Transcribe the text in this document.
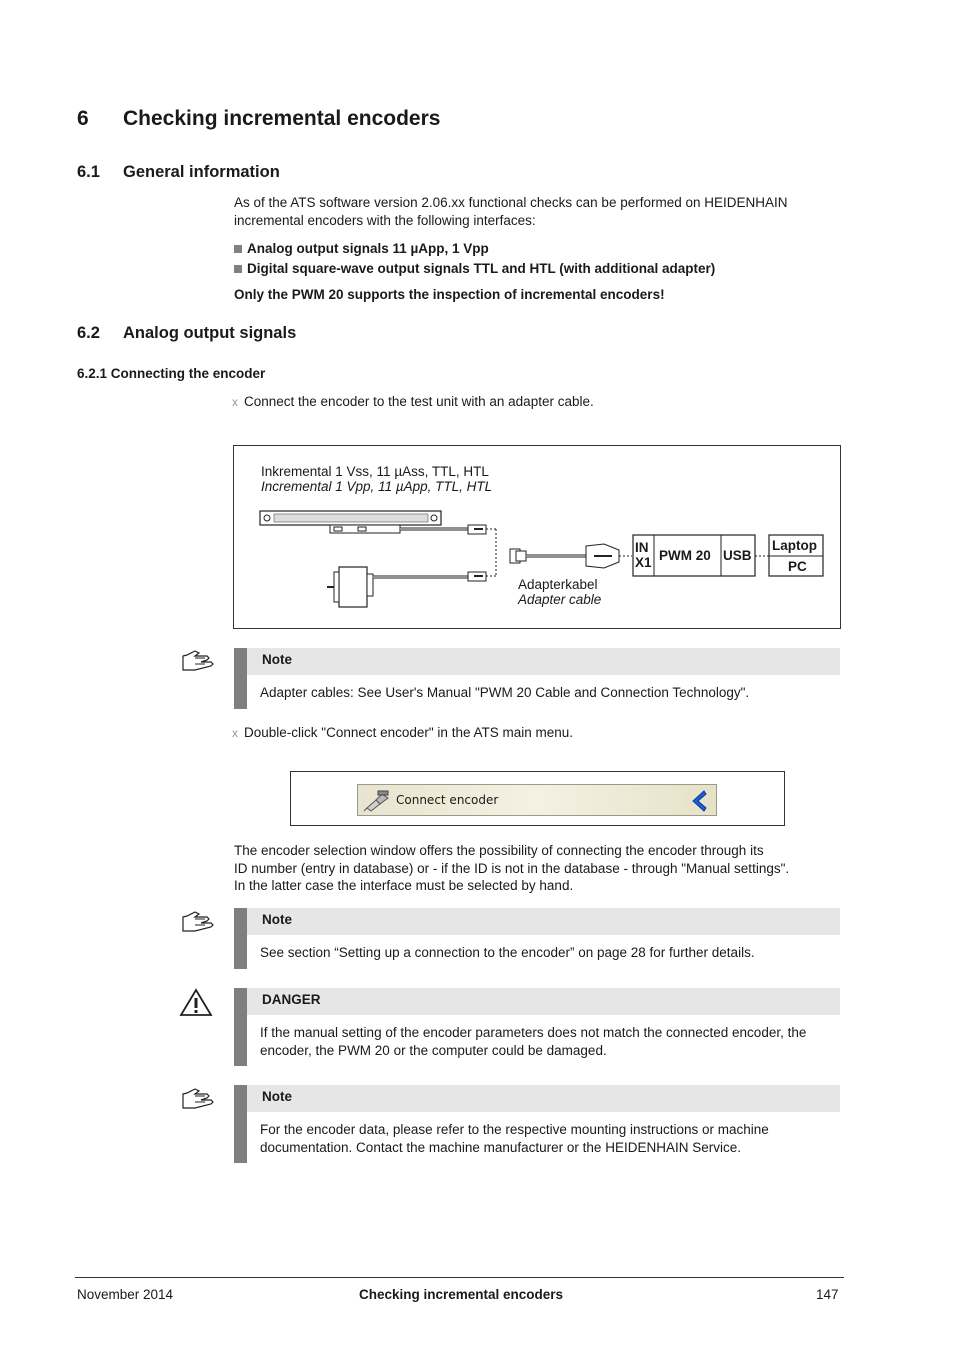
6 Checking incremental encoders
6.1 General information
As of the ATS software version 2.06.xx functional checks can be performed on HEIDENHAIN
incremental encoders with the following interfaces:
Analog output signals 11 µApp, 1 Vpp
Digital square-wave output signals TTL and HTL (with additional adapter)
Only the PWM 20 supports the inspection of incremental encoders!
6.2 Analog output signals
6.2.1 Connecting the encoder
x Connect the encoder to the test unit with an adapter cable.
Inkremental 1 Vss, 11 µAss, TTL, HTL
Incremental 1 Vpp, 11 µApp, TTL, HTL
IN
X1 PWM 20 USB
Laptop
PC
Adapterkabel
Adapter cable
Note
Adapter cables: See User's Manual "PWM 20 Cable and Connection Technology".
x Double-click "Connect encoder" in the ATS main menu.
Connect encoder
The encoder selection window offers the possibility of connecting the encoder through its
ID number (entry in database) or - if the ID is not in the database - through "Manual settings".
In the latter case the interface must be selected by hand.
Note
See section “Setting up a connection to the encoder” on page 28 for further details.
DANGER
If the manual setting of the encoder parameters does not match the connected encoder, the
encoder, the PWM 20 or the computer could be damaged.
Note
For the encoder data, please refer to the respective mounting instructions or machine
documentation. Contact the machine manufacturer or the HEIDENHAIN Service.
November 2014	Checking incremental encoders	147
